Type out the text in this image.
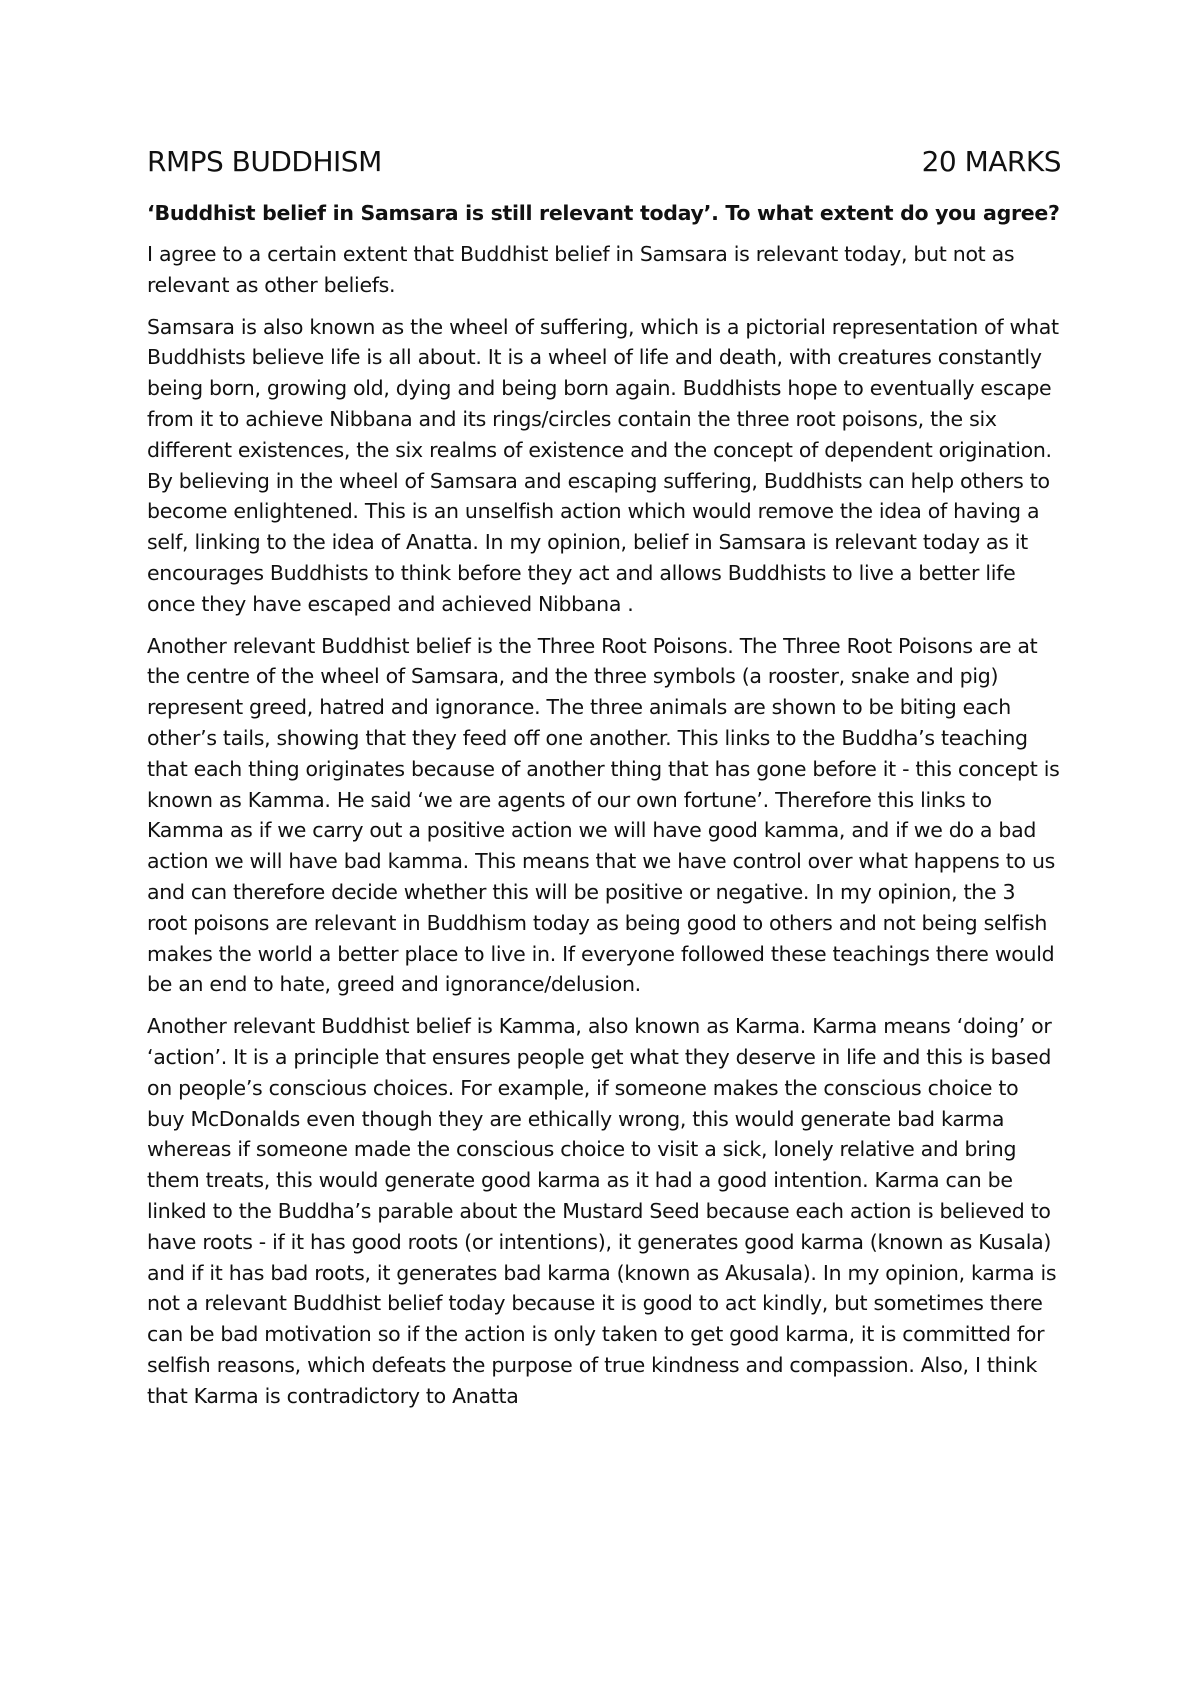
RMPS BUDDHISM	20 MARKS

‘Buddhist belief in Samsara is still relevant today’. To what extent do you agree?

I agree to a certain extent that Buddhist belief in Samsara is relevant today, but not as relevant as other beliefs.

Samsara is also known as the wheel of suffering, which is a pictorial representation of what Buddhists believe life is all about. It is a wheel of life and death, with creatures constantly being born, growing old, dying and being born again. Buddhists hope to eventually escape from it to achieve Nibbana and its rings/circles contain the three root poisons, the six different existences, the six realms of existence and the concept of dependent origination. By believing in the wheel of Samsara and escaping suffering, Buddhists can help others to become enlightened. This is an unselfish action which would remove the idea of having a self, linking to the idea of Anatta. In my opinion, belief in Samsara is relevant today as it encourages Buddhists to think before they act and allows Buddhists to live a better life once they have escaped and achieved Nibbana .

Another relevant Buddhist belief is the Three Root Poisons. The Three Root Poisons are at the centre of the wheel of Samsara, and the three symbols (a rooster, snake and pig) represent greed, hatred and ignorance. The three animals are shown to be biting each other’s tails, showing that they feed off one another. This links to the Buddha’s teaching that each thing originates because of another thing that has gone before it - this concept is known as Kamma. He said ‘we are agents of our own fortune’. Therefore this links to Kamma as if we carry out a positive action we will have good kamma, and if we do a bad action we will have bad kamma. This means that we have control over what happens to us and can therefore decide whether this will be positive or negative. In my opinion, the 3 root poisons are relevant in Buddhism today as being good to others and not being selfish makes the world a better place to live in. If everyone followed these teachings there would be an end to hate, greed and ignorance/delusion.

Another relevant Buddhist belief is Kamma, also known as Karma. Karma means ‘doing’ or ‘action’. It is a principle that ensures people get what they deserve in life and this is based on people’s conscious choices. For example, if someone makes the conscious choice to buy McDonalds even though they are ethically wrong, this would generate bad karma whereas if someone made the conscious choice to visit a sick, lonely relative and bring them treats, this would generate good karma as it had a good intention. Karma can be linked to the Buddha’s parable about the Mustard Seed because each action is believed to have roots - if it has good roots (or intentions), it generates good karma (known as Kusala) and if it has bad roots, it generates bad karma (known as Akusala). In my opinion, karma is not a relevant Buddhist belief today because it is good to act kindly, but sometimes there can be bad motivation so if the action is only taken to get good karma, it is committed for selfish reasons, which defeats the purpose of true kindness and compassion. Also, I think that Karma is contradictory to Anatta
